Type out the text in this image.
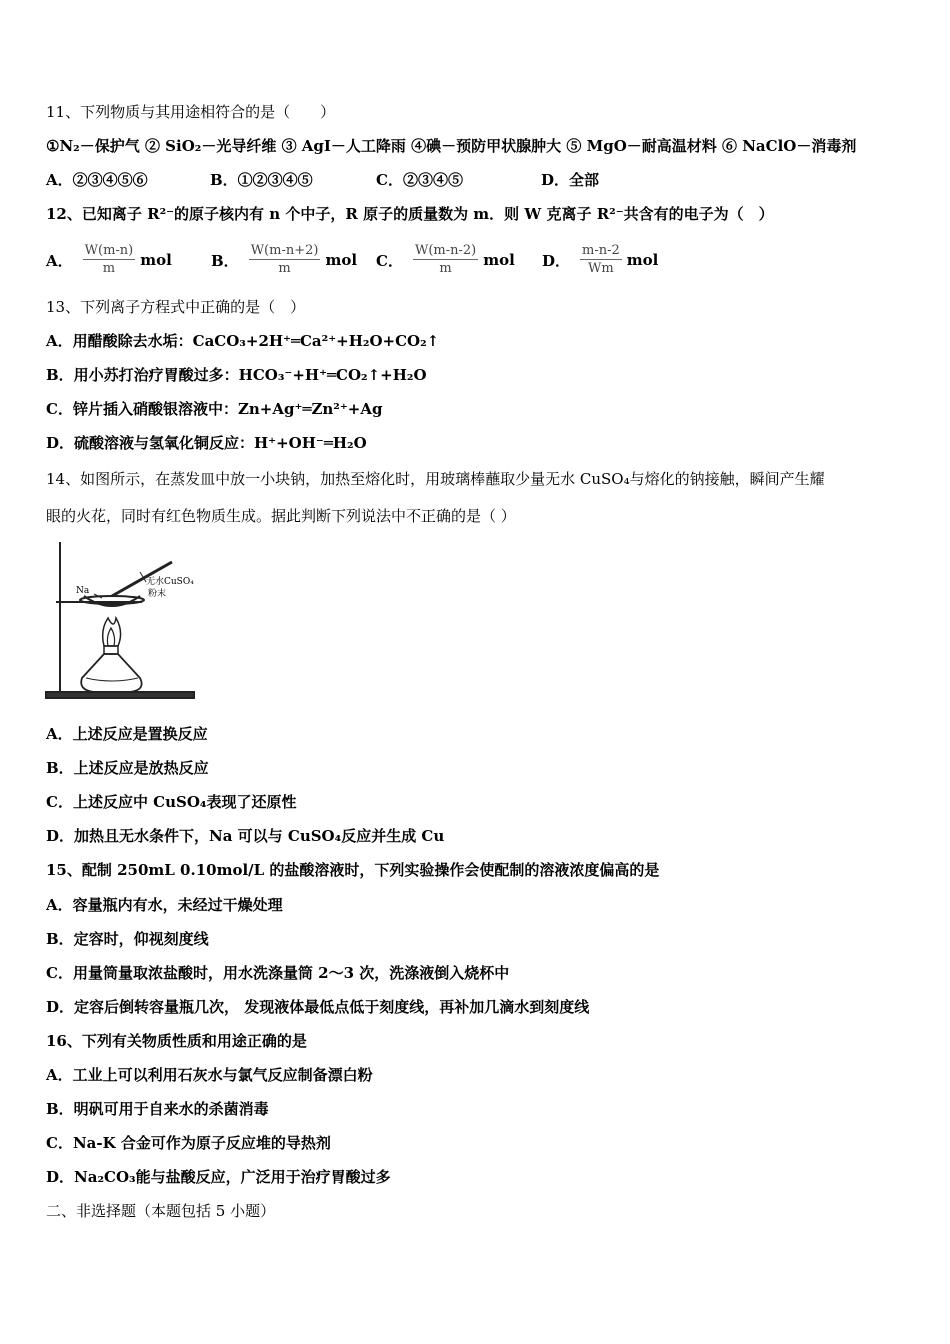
11、下列物质与其用途相符合的是（　　）
①N₂－保护气 ② SiO₂－光导纤维 ③ AgI－人工降雨 ④碘－预防甲状腺肿大 ⑤ MgO－耐高温材料 ⑥ NaClO－消毒剂
A．②③④⑤⑥	B．①②③④⑤	C．②③④⑤	D．全部
12、已知离子 R²⁻的原子核内有 n 个中子，R 原子的质量数为 m．则 W 克离子 R²⁻共含有的电子为（　）
A． $\frac{W(m-n)}{m}$ mol	B． $\frac{W(m-n+2)}{m}$ mol C． $\frac{W(m-n-2)}{m}$ mol D． $\frac{m-n-2}{Wm}$ mol
13、下列离子方程式中正确的是（　）
A．用醋酸除去水垢：CaCO₃+2H⁺═Ca²⁺+H₂O+CO₂↑
B．用小苏打治疗胃酸过多：HCO₃⁻+H⁺═CO₂↑+H₂O
C．锌片插入硝酸银溶液中：Zn+Ag⁺═Zn²⁺+Ag
D．硫酸溶液与氢氧化铜反应：H⁺+OH⁻═H₂O
14、如图所示，在蒸发皿中放一小块钠，加热至熔化时，用玻璃棒蘸取少量无水 CuSO₄与熔化的钠接触，瞬间产生耀
眼的火花，同时有红色物质生成。据此判断下列说法中不正确的是（ ）
Na
无水CuSO₄
粉末
A．上述反应是置换反应
B．上述反应是放热反应
C．上述反应中 CuSO₄表现了还原性
D．加热且无水条件下，Na 可以与 CuSO₄反应并生成 Cu
15、配制 250mL 0.10mol/L 的盐酸溶液时，下列实验操作会使配制的溶液浓度偏高的是
A．容量瓶内有水，未经过干燥处理
B．定容时，仰视刻度线
C．用量筒量取浓盐酸时，用水洗涤量筒 2～3 次，洗涤液倒入烧杯中
D．定容后倒转容量瓶几次， 发现液体最低点低于刻度线，再补加几滴水到刻度线
16、下列有关物质性质和用途正确的是
A．工业上可以利用石灰水与氯气反应制备漂白粉
B．明矾可用于自来水的杀菌消毒
C．Na-K 合金可作为原子反应堆的导热剂
D．Na₂CO₃能与盐酸反应，广泛用于治疗胃酸过多
二、非选择题（本题包括 5 小题）
